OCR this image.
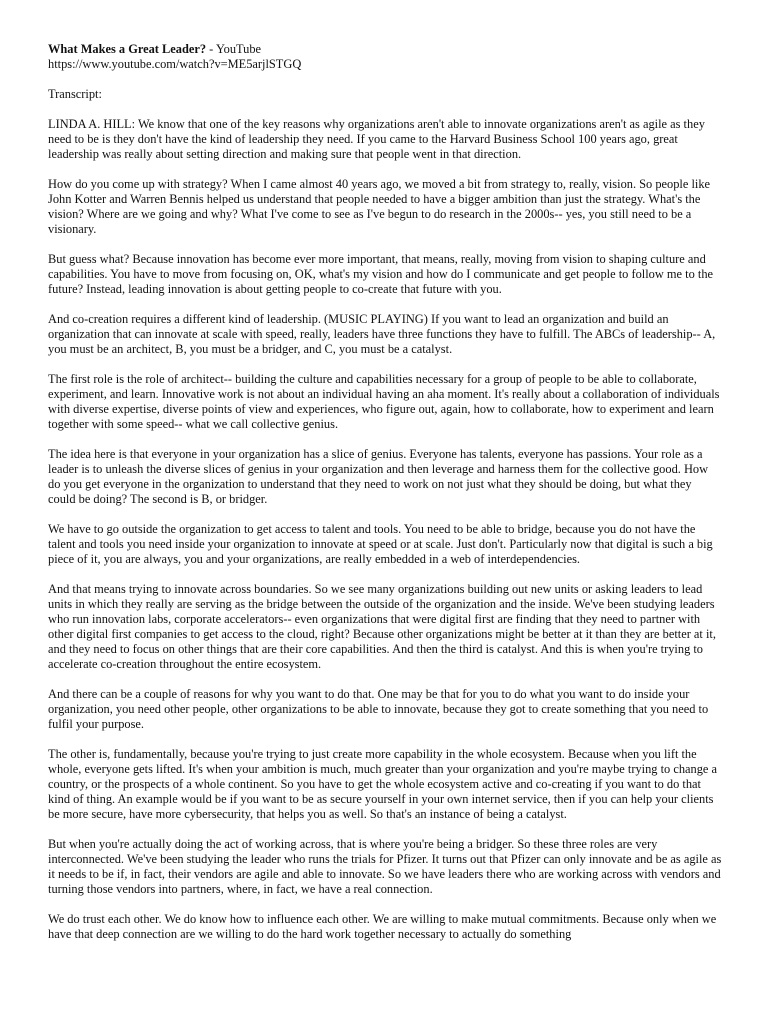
What Makes a Great Leader? - YouTube

https://www.youtube.com/watch?v=ME5arjlSTGQ

Transcript:

LINDA A. HILL: We know that one of the key reasons why organizations aren't able to innovate organizations aren't as agile as they need to be is they don't have the kind of leadership they need. If you came to the Harvard Business School 100 years ago, great leadership was really about setting direction and making sure that people went in that direction.

How do you come up with strategy? When I came almost 40 years ago, we moved a bit from strategy to, really, vision. So people like John Kotter and Warren Bennis helped us understand that people needed to have a bigger ambition than just the strategy. What's the vision? Where are we going and why? What I've come to see as I've begun to do research in the 2000s-- yes, you still need to be a visionary.

But guess what? Because innovation has become ever more important, that means, really, moving from vision to shaping culture and capabilities. You have to move from focusing on, OK, what's my vision and how do I communicate and get people to follow me to the future? Instead, leading innovation is about getting people to co-create that future with you.

And co-creation requires a different kind of leadership. (MUSIC PLAYING) If you want to lead an organization and build an organization that can innovate at scale with speed, really, leaders have three functions they have to fulfill. The ABCs of leadership-- A, you must be an architect, B, you must be a bridger, and C, you must be a catalyst.

The first role is the role of architect-- building the culture and capabilities necessary for a group of people to be able to collaborate, experiment, and learn. Innovative work is not about an individual having an aha moment. It's really about a collaboration of individuals with diverse expertise, diverse points of view and experiences, who figure out, again, how to collaborate, how to experiment and learn together with some speed-- what we call collective genius.

The idea here is that everyone in your organization has a slice of genius. Everyone has talents, everyone has passions. Your role as a leader is to unleash the diverse slices of genius in your organization and then leverage and harness them for the collective good. How do you get everyone in the organization to understand that they need to work on not just what they should be doing, but what they could be doing? The second is B, or bridger.

We have to go outside the organization to get access to talent and tools. You need to be able to bridge, because you do not have the talent and tools you need inside your organization to innovate at speed or at scale. Just don't. Particularly now that digital is such a big piece of it, you are always, you and your organizations, are really embedded in a web of interdependencies.

And that means trying to innovate across boundaries. So we see many organizations building out new units or asking leaders to lead units in which they really are serving as the bridge between the outside of the organization and the inside. We've been studying leaders who run innovation labs, corporate accelerators-- even organizations that were digital first are finding that they need to partner with other digital first companies to get access to the cloud, right? Because other organizations might be better at it than they are better at it, and they need to focus on other things that are their core capabilities. And then the third is catalyst. And this is when you're trying to accelerate co-creation throughout the entire ecosystem.

And there can be a couple of reasons for why you want to do that. One may be that for you to do what you want to do inside your organization, you need other people, other organizations to be able to innovate, because they got to create something that you need to fulfil your purpose.

The other is, fundamentally, because you're trying to just create more capability in the whole ecosystem. Because when you lift the whole, everyone gets lifted. It's when your ambition is much, much greater than your organization and you're maybe trying to change a country, or the prospects of a whole continent. So you have to get the whole ecosystem active and co-creating if you want to do that kind of thing. An example would be if you want to be as secure yourself in your own internet service, then if you can help your clients be more secure, have more cybersecurity, that helps you as well. So that's an instance of being a catalyst.

But when you're actually doing the act of working across, that is where you're being a bridger. So these three roles are very interconnected. We've been studying the leader who runs the trials for Pfizer. It turns out that Pfizer can only innovate and be as agile as it needs to be if, in fact, their vendors are agile and able to innovate. So we have leaders there who are working across with vendors and turning those vendors into partners, where, in fact, we have a real connection.

We do trust each other. We do know how to influence each other. We are willing to make mutual commitments. Because only when we have that deep connection are we willing to do the hard work together necessary to actually do something
